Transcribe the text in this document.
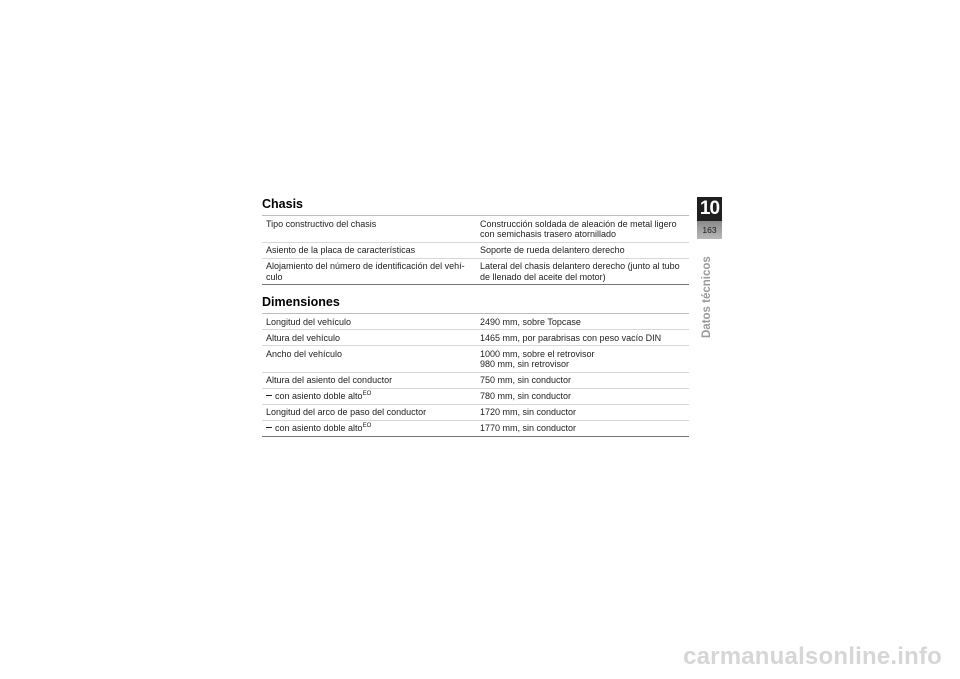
Chasis
Tipo constructivo del chasis	Construcción soldada de aleación de metal ligero
con semichasis trasero atornillado

Asiento de la placa de características	Soporte de rueda delantero derecho

Alojamiento del número de identificación del vehí-
culo	Lateral del chasis delantero derecho (junto al tubo
de llenado del aceite del motor)
Dimensiones
Longitud del vehículo	2490 mm, sobre Topcase

Altura del vehículo	1465 mm, por parabrisas con peso vacío DIN

Ancho del vehículo	1000 mm, sobre el retrovisor
980 mm, sin retrovisor

Altura del asiento del conductor	750 mm, sin conductor

con asiento doble alto$^{EO}$	780 mm, sin conductor

Longitud del arco de paso del conductor	1720 mm, sin conductor

con asiento doble alto$^{EO}$	1770 mm, sin conductor
10
163
Datos técnicos
carmanualsonline.info
